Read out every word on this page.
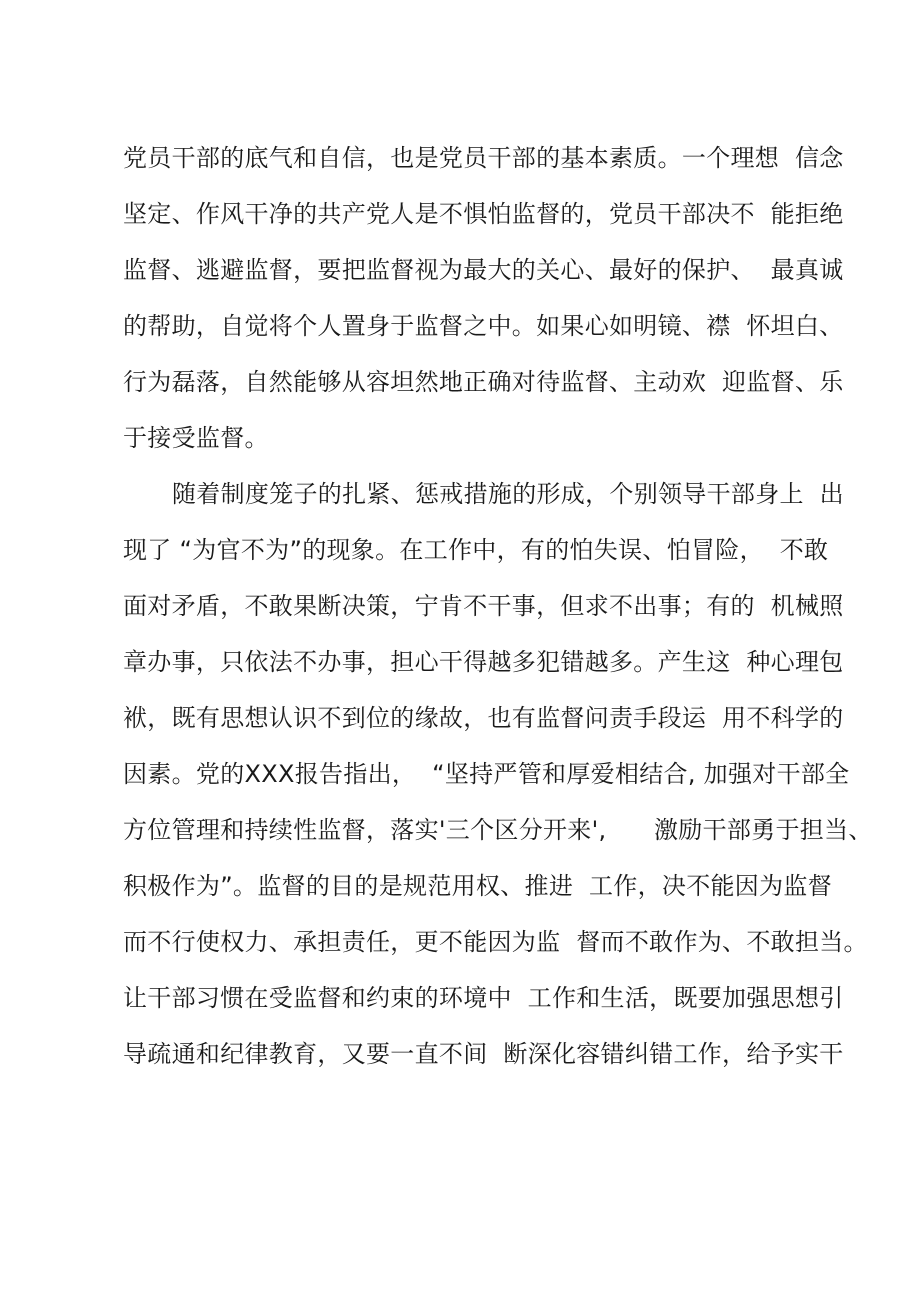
党员干部的底气和自信，也是党员干部的基本素质。一个理想  信念
坚定、作风干净的共产党人是不惧怕监督的，党员干部决不  能拒绝
监督、逃避监督，要把监督视为最大的关心、最好的保护、  最真诚
的帮助，自觉将个人置身于监督之中。如果心如明镜、襟  怀坦白、
行为磊落，自然能够从容坦然地正确对待监督、主动欢  迎监督、乐
于接受监督。
随着制度笼子的扎紧、惩戒措施的形成，个别领导干部身上  出
现了 “为官不为”的现象。在工作中，有的怕失误、怕冒险，  不敢
面对矛盾，不敢果断决策，宁肯不干事，但求不出事；有的  机械照
章办事，只依法不办事，担心干得越多犯错越多。产生这  种心理包
袱，既有思想认识不到位的缘故，也有监督问责手段运  用不科学的
因素。党的XXX报告指出，  “坚持严管和厚爱相结合, 加强对干部全
方位管理和持续性监督，落实'三个区分开来',      激励干部勇于担当、
积极作为”。监督的目的是规范用权、推进  工作，决不能因为监督
而不行使权力、承担责任，更不能因为监  督而不敢作为、不敢担当。
让干部习惯在受监督和约束的环境中  工作和生活，既要加强思想引
导疏通和纪律教育，又要一直不间  断深化容错纠错工作，给予实干
